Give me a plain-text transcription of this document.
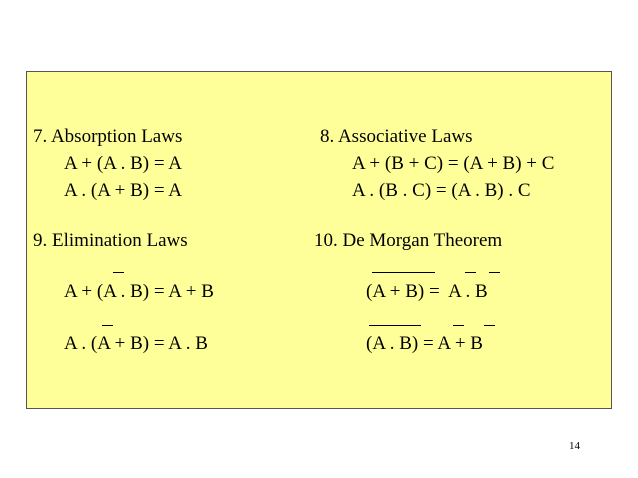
7. Absorption Laws
A + (A . B) = A
A . (A + B) = A
8. Associative Laws
A + (B + C) = (A + B) + C
A . (B . C) = (A . B) . C
9. Elimination Laws
A + (A . B) = A + B
A . (A + B) = A . B
10. De Morgan Theorem
(A + B) =  A . B
(A . B) = A + B
14
